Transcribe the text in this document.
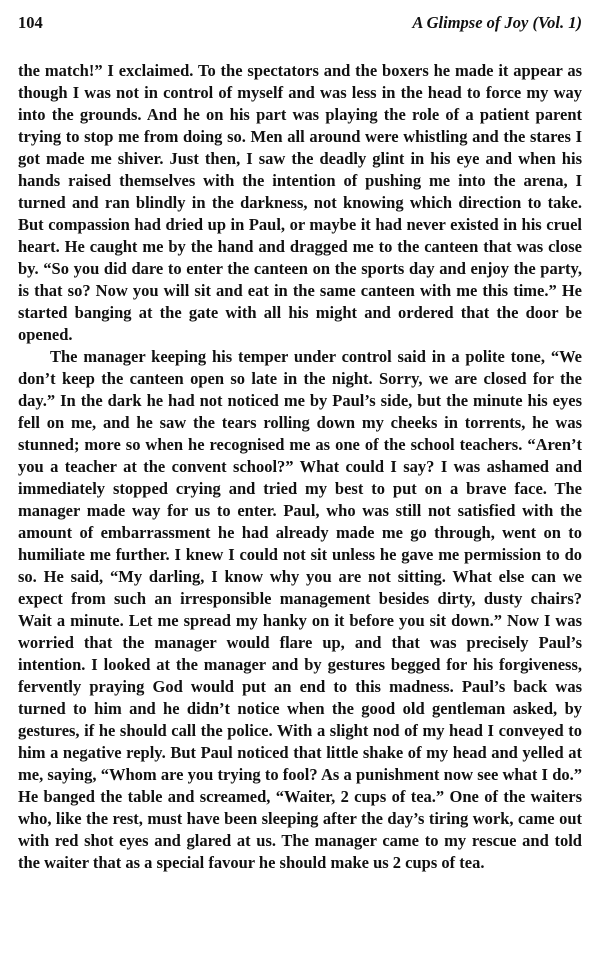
104	A Glimpse of Joy (Vol. 1)

the match!” I exclaimed. To the spectators and the boxers he made it appear as though I was not in control of myself and was less in the head to force my way into the grounds. And he on his part was playing the role of a patient parent trying to stop me from doing so. Men all around were whistling and the stares I got made me shiver. Just then, I saw the deadly glint in his eye and when his hands raised themselves with the intention of pushing me into the arena, I turned and ran blindly in the darkness, not knowing which direction to take. But compassion had dried up in Paul, or maybe it had never existed in his cruel heart. He caught me by the hand and dragged me to the canteen that was close by. “So you did dare to enter the canteen on the sports day and enjoy the party, is that so? Now you will sit and eat in the same canteen with me this time.” He started banging at the gate with all his might and ordered that the door be opened.

The manager keeping his temper under control said in a polite tone, “We don’t keep the canteen open so late in the night. Sorry, we are closed for the day.” In the dark he had not noticed me by Paul’s side, but the minute his eyes fell on me, and he saw the tears rolling down my cheeks in torrents, he was stunned; more so when he recognised me as one of the school teachers. “Aren’t you a teacher at the convent school?” What could I say? I was ashamed and immediately stopped crying and tried my best to put on a brave face. The manager made way for us to enter. Paul, who was still not satisfied with the amount of embarrassment he had already made me go through, went on to humiliate me further. I knew I could not sit unless he gave me permission to do so. He said, “My darling, I know why you are not sitting. What else can we expect from such an irresponsible management besides dirty, dusty chairs? Wait a minute. Let me spread my hanky on it before you sit down.” Now I was worried that the manager would flare up, and that was precisely Paul’s intention. I looked at the manager and by gestures begged for his forgiveness, fervently praying God would put an end to this madness. Paul’s back was turned to him and he didn’t notice when the good old gentleman asked, by gestures, if he should call the police. With a slight nod of my head I conveyed to him a negative reply. But Paul noticed that little shake of my head and yelled at me, saying, “Whom are you trying to fool? As a punishment now see what I do.” He banged the table and screamed, “Waiter, 2 cups of tea.” One of the waiters who, like the rest, must have been sleeping after the day’s tiring work, came out with red shot eyes and glared at us. The manager came to my rescue and told the waiter that as a special favour he should make us 2 cups of tea.
